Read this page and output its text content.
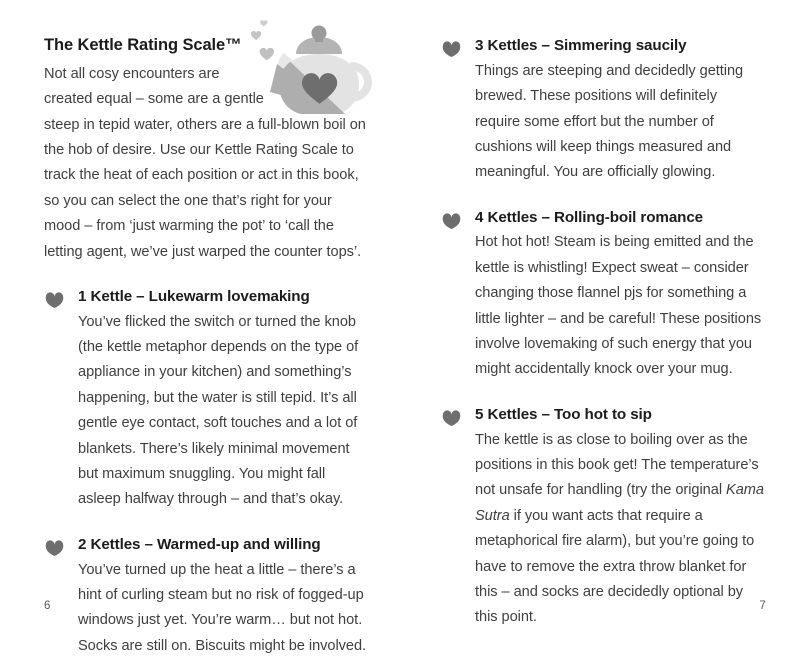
The Kettle Rating Scale™

Not all cosy encounters are
created equal – some are a gentle
steep in tepid water, others are a full-blown boil on the hob of desire. Use our Kettle Rating Scale to track the heat of each position or act in this book, so you can select the one that’s right for your mood – from ‘just warming the pot’ to ‘call the letting agent, we’ve just warped the counter tops’.

1 Kettle – Lukewarm lovemaking

You’ve flicked the switch or turned the knob (the kettle metaphor depends on the type of appliance in your kitchen) and something’s happening, but the water is still tepid. It’s all gentle eye contact, soft touches and a lot of blankets. There’s likely minimal movement but maximum snuggling. You might fall asleep halfway through – and that’s okay.

2 Kettles – Warmed-up and willing

You’ve turned up the heat a little – there’s a hint of curling steam but no risk of fogged-up windows just yet. You’re warm… but not hot. Socks are still on. Biscuits might be involved.

6
3 Kettles – Simmering saucily

Things are steeping and decidedly getting brewed. These positions will definitely require some effort but the number of cushions will keep things measured and meaningful. You are officially glowing.

4 Kettles – Rolling-boil romance

Hot hot hot! Steam is being emitted and the kettle is whistling! Expect sweat – consider changing those flannel pjs for something a little lighter – and be careful! These positions involve lovemaking of such energy that you might accidentally knock over your mug.

5 Kettles – Too hot to sip

The kettle is as close to boiling over as the positions in this book get! The temperature’s not unsafe for handling (try the original Kama Sutra if you want acts that require a metaphorical fire alarm), but you’re going to have to remove the extra throw blanket for this – and socks are decidedly optional by this point.

7
